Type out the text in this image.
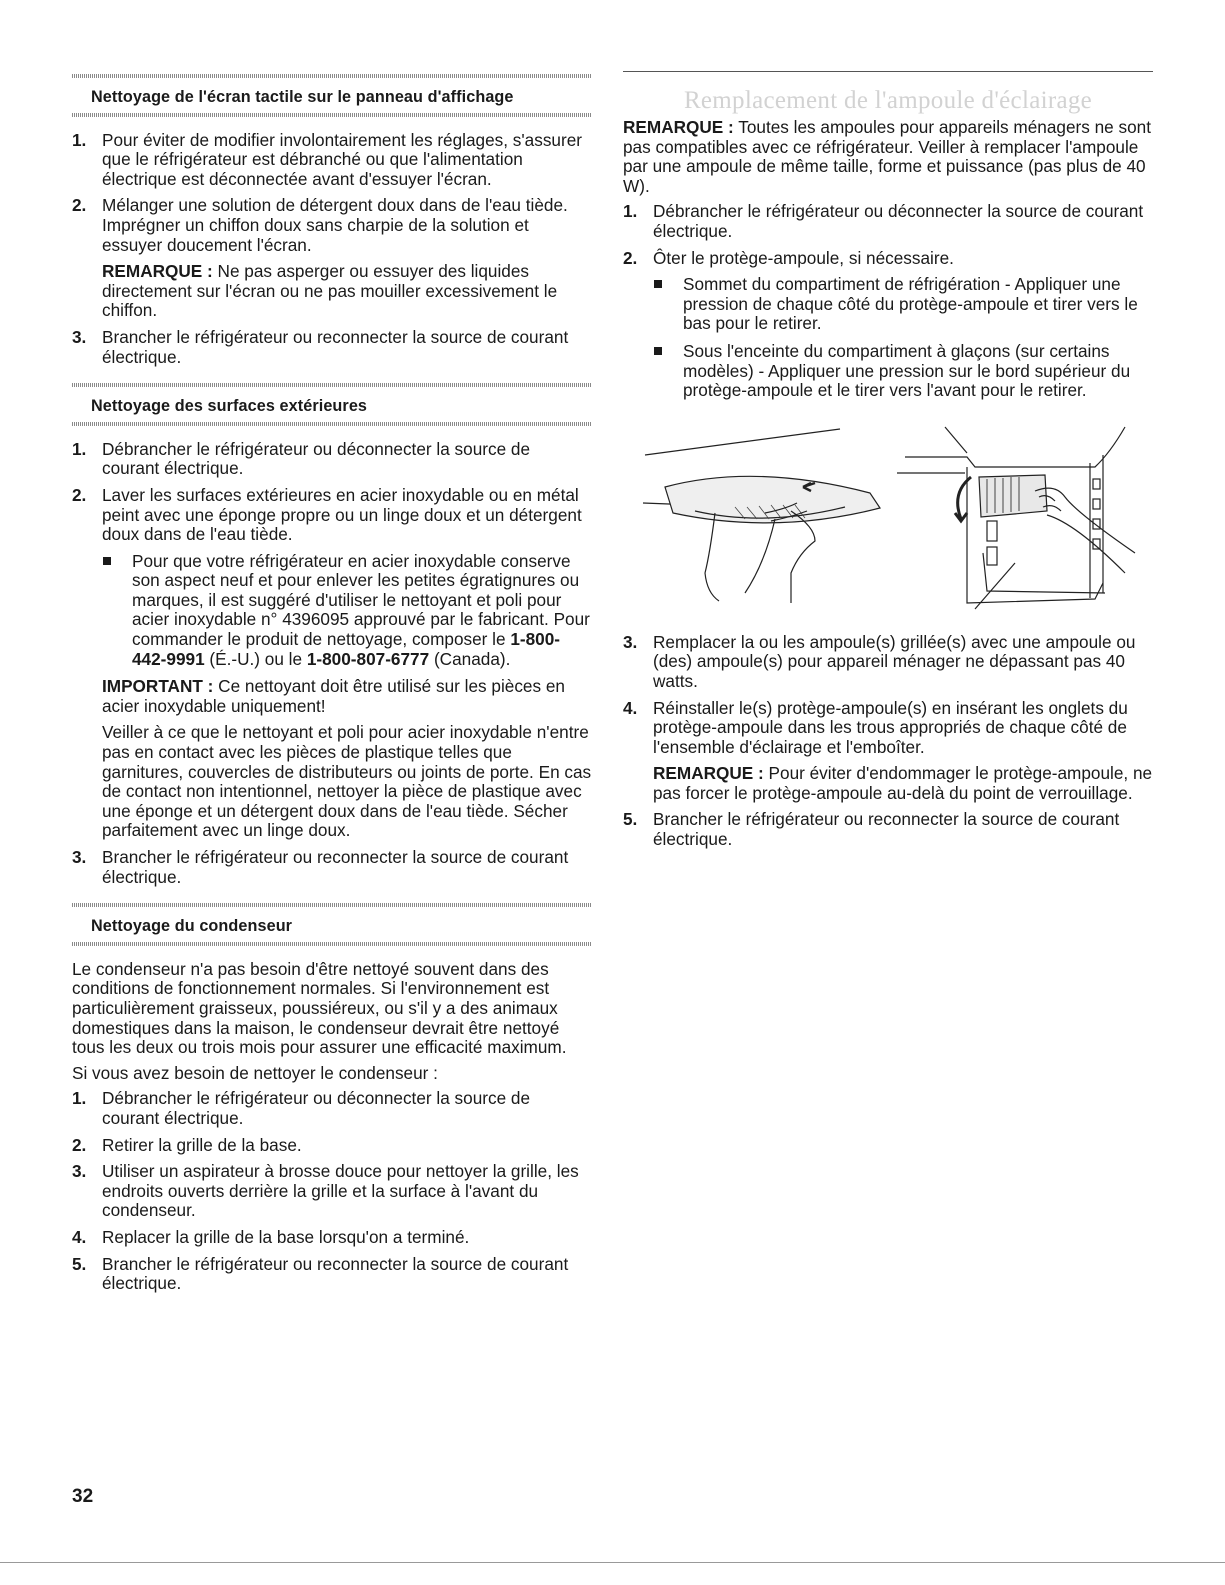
Nettoyage de l'écran tactile sur le panneau d'affichage
1. Pour éviter de modifier involontairement les réglages, s'assurer que le réfrigérateur est débranché ou que l'alimentation électrique est déconnectée avant d'essuyer l'écran.
2. Mélanger une solution de détergent doux dans de l'eau tiède. Imprégner un chiffon doux sans charpie de la solution et essuyer doucement l'écran.
REMARQUE : Ne pas asperger ou essuyer des liquides directement sur l'écran ou ne pas mouiller excessivement le chiffon.
3. Brancher le réfrigérateur ou reconnecter la source de courant électrique.
Nettoyage des surfaces extérieures
1. Débrancher le réfrigérateur ou déconnecter la source de courant électrique.
2. Laver les surfaces extérieures en acier inoxydable ou en métal peint avec une éponge propre ou un linge doux et un détergent doux dans de l'eau tiède.
Pour que votre réfrigérateur en acier inoxydable conserve son aspect neuf et pour enlever les petites égratignures ou marques, il est suggéré d'utiliser le nettoyant et poli pour acier inoxydable n° 4396095 approuvé par le fabricant. Pour commander le produit de nettoyage, composer le 1-800-442-9991 (É.-U.) ou le 1-800-807-6777 (Canada).
IMPORTANT : Ce nettoyant doit être utilisé sur les pièces en acier inoxydable uniquement!
Veiller à ce que le nettoyant et poli pour acier inoxydable n'entre pas en contact avec les pièces de plastique telles que garnitures, couvercles de distributeurs ou joints de porte. En cas de contact non intentionnel, nettoyer la pièce de plastique avec une éponge et un détergent doux dans de l'eau tiède. Sécher parfaitement avec un linge doux.
3. Brancher le réfrigérateur ou reconnecter la source de courant électrique.
Nettoyage du condenseur

Le condenseur n'a pas besoin d'être nettoyé souvent dans des conditions de fonctionnement normales. Si l'environnement est particulièrement graisseux, poussiéreux, ou s'il y a des animaux domestiques dans la maison, le condenseur devrait être nettoyé tous les deux ou trois mois pour assurer une efficacité maximum.

Si vous avez besoin de nettoyer le condenseur :

1. Débrancher le réfrigérateur ou déconnecter la source de courant électrique.
2. Retirer la grille de la base.
3. Utiliser un aspirateur à brosse douce pour nettoyer la grille, les endroits ouverts derrière la grille et la surface à l'avant du condenseur.
4. Replacer la grille de la base lorsqu'on a terminé.
5. Brancher le réfrigérateur ou reconnecter la source de courant électrique.
Remplacement de l'ampoule d'éclairage

REMARQUE : Toutes les ampoules pour appareils ménagers ne sont pas compatibles avec ce réfrigérateur. Veiller à remplacer l'ampoule par une ampoule de même taille, forme et puissance (pas plus de 40 W).

1. Débrancher le réfrigérateur ou déconnecter la source de courant électrique.
2. Ôter le protège-ampoule, si nécessaire.
Sommet du compartiment de réfrigération - Appliquer une pression de chaque côté du protège-ampoule et tirer vers le bas pour le retirer.
Sous l'enceinte du compartiment à glaçons (sur certains modèles) - Appliquer une pression sur le bord supérieur du protège-ampoule et le tirer vers l'avant pour le retirer.
3. Remplacer la ou les ampoule(s) grillée(s) avec une ampoule ou (des) ampoule(s) pour appareil ménager ne dépassant pas 40 watts.
4. Réinstaller le(s) protège-ampoule(s) en insérant les onglets du protège-ampoule dans les trous appropriés de chaque côté de l'ensemble d'éclairage et l'emboîter.
REMARQUE : Pour éviter d'endommager le protège-ampoule, ne pas forcer le protège-ampoule au-delà du point de verrouillage.
5. Brancher le réfrigérateur ou reconnecter la source de courant électrique.
32
